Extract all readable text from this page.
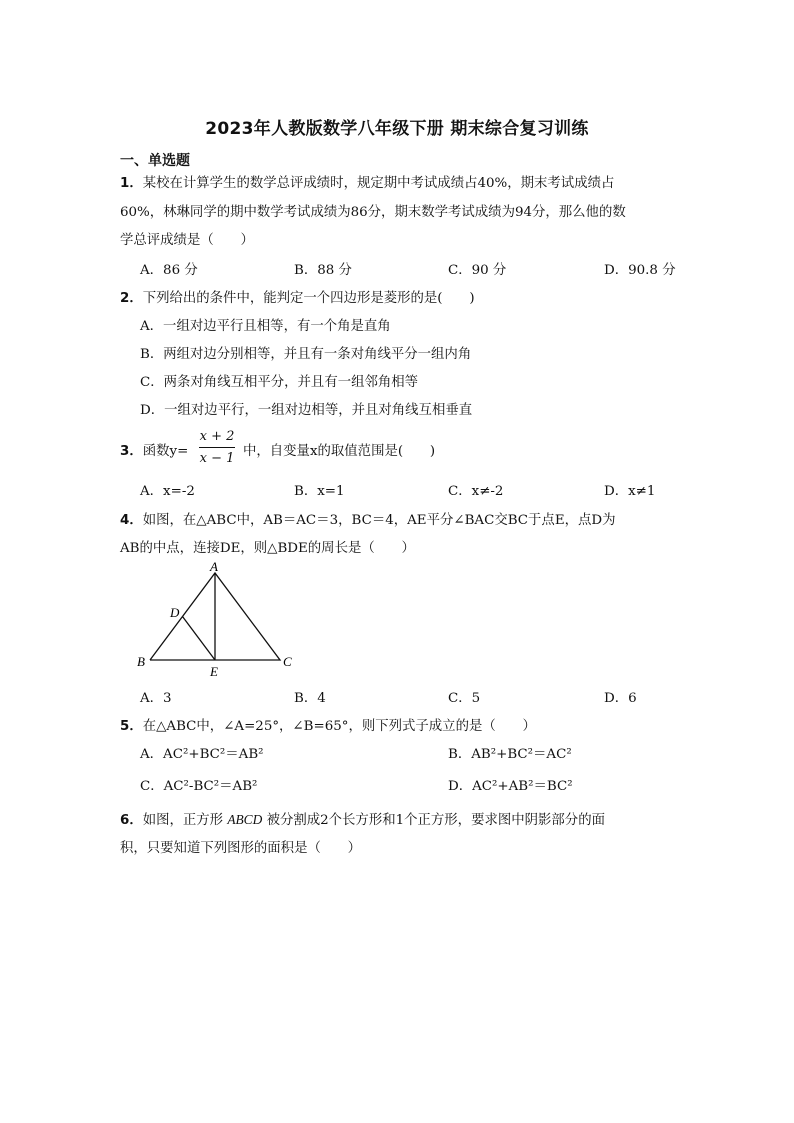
2023年人教版数学八年级下册 期末综合复习训练
一、单选题
1．某校在计算学生的数学总评成绩时，规定期中考试成绩占40%，期末考试成绩占
60%，林琳同学的期中数学考试成绩为86分，期末数学考试成绩为94分，那么他的数
学总评成绩是（　　）
A．86 分	B．88 分	C．90 分	D．90.8 分
2．下列给出的条件中，能判定一个四边形是菱形的是(　　)
A．一组对边平行且相等，有一个角是直角
B．两组对边分别相等，并且有一条对角线平分一组内角
C．两条对角线互相平分，并且有一组邻角相等
D．一组对边平行，一组对边相等，并且对角线互相垂直
3．函数y=
x + 2
x − 1 中，自变量x的取值范围是(　　)
A．x=-2	B．x=1	C．x≠-2	D．x≠1
4．如图，在△ABC中，AB＝AC＝3，BC＝4，AE平分∠BAC交BC于点E，点D为
AB的中点，连接DE，则△BDE的周长是（　　）
A
D
B	C
E
A．3	B．4	C．5	D．6
5．在△ABC中，∠A=25°，∠B=65°，则下列式子成立的是（　　）
A．AC²+BC²＝AB²	B．AB²+BC²＝AC²
C．AC²-BC²＝AB²	D．AC²+AB²＝BC²
6．如图，正方形 ABCD 被分割成2个长方形和1个正方形，要求图中阴影部分的面
积，只要知道下列图形的面积是（　　）
